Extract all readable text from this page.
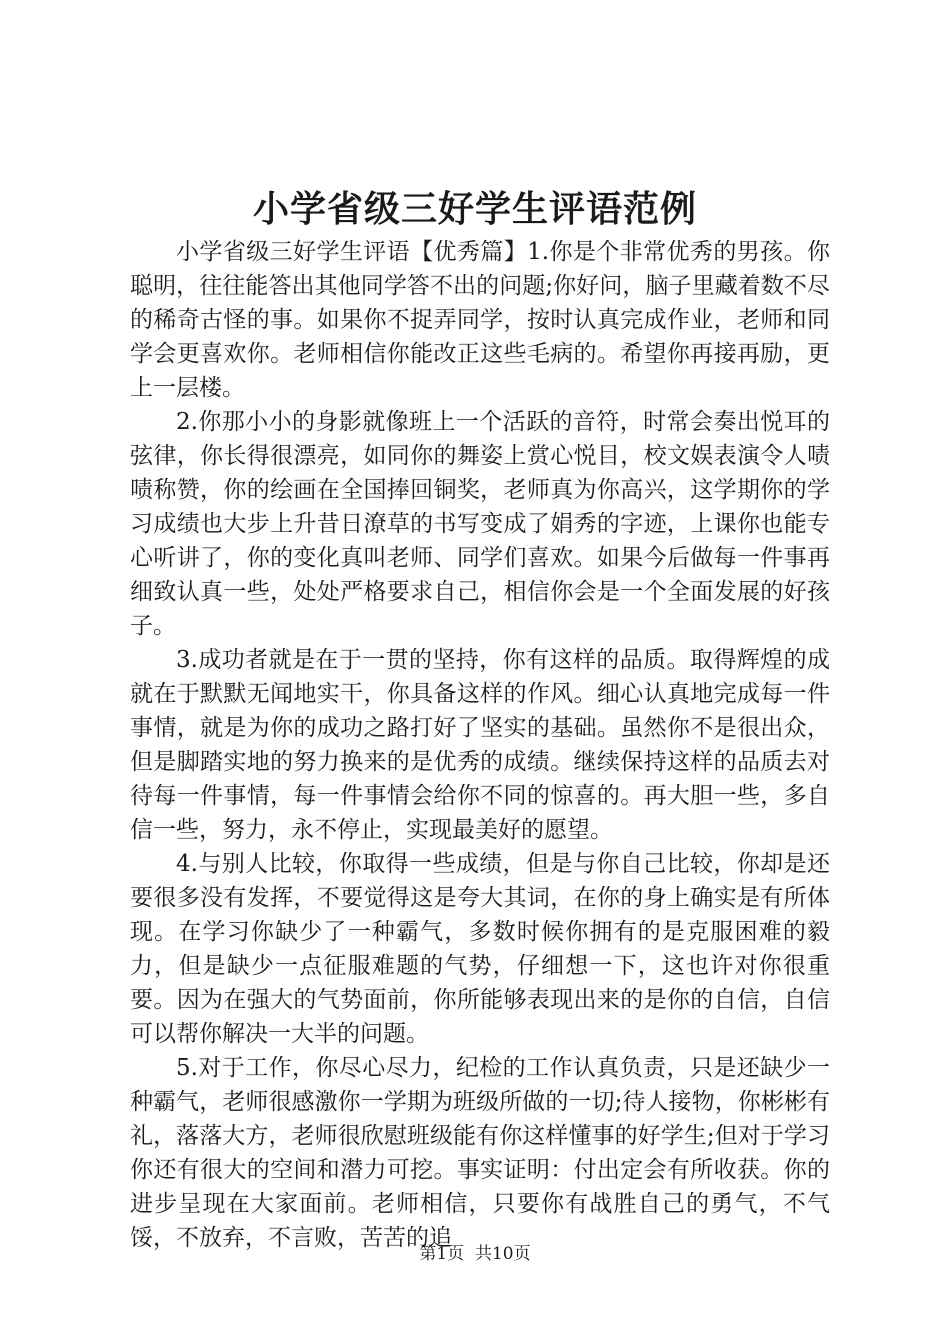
小学省级三好学生评语范例

小学省级三好学生评语【优秀篇】1.你是个非常优秀的男孩。你聪明，往往能答出其他同学答不出的问题;你好问，脑子里藏着数不尽的稀奇古怪的事。如果你不捉弄同学，按时认真完成作业，老师和同学会更喜欢你。老师相信你能改正这些毛病的。希望你再接再励，更上一层楼。

2.你那小小的身影就像班上一个活跃的音符，时常会奏出悦耳的弦律，你长得很漂亮，如同你的舞姿上赏心悦目，校文娱表演令人啧啧称赞，你的绘画在全国捧回铜奖，老师真为你高兴，这学期你的学习成绩也大步上升昔日潦草的书写变成了娟秀的字迹，上课你也能专心听讲了，你的变化真叫老师、同学们喜欢。如果今后做每一件事再细致认真一些，处处严格要求自己，相信你会是一个全面发展的好孩子。

3.成功者就是在于一贯的坚持，你有这样的品质。取得辉煌的成就在于默默无闻地实干，你具备这样的作风。细心认真地完成每一件事情，就是为你的成功之路打好了坚实的基础。虽然你不是很出众，但是脚踏实地的努力换来的是优秀的成绩。继续保持这样的品质去对待每一件事情，每一件事情会给你不同的惊喜的。再大胆一些，多自信一些，努力，永不停止，实现最美好的愿望。

4.与别人比较，你取得一些成绩，但是与你自己比较，你却是还要很多没有发挥，不要觉得这是夸大其词，在你的身上确实是有所体现。在学习你缺少了一种霸气，多数时候你拥有的是克服困难的毅力，但是缺少一点征服难题的气势，仔细想一下，这也许对你很重要。因为在强大的气势面前，你所能够表现出来的是你的自信，自信可以帮你解决一大半的问题。

5.对于工作，你尽心尽力，纪检的工作认真负责，只是还缺少一种霸气，老师很感激你一学期为班级所做的一切;待人接物，你彬彬有礼，落落大方，老师很欣慰班级能有你这样懂事的好学生;但对于学习你还有很大的空间和潜力可挖。事实证明：付出定会有所收获。你的进步呈现在大家面前。老师相信，只要你有战胜自己的勇气，不气馁，不放弃，不言败，苦苦的追

第1页  共10页
